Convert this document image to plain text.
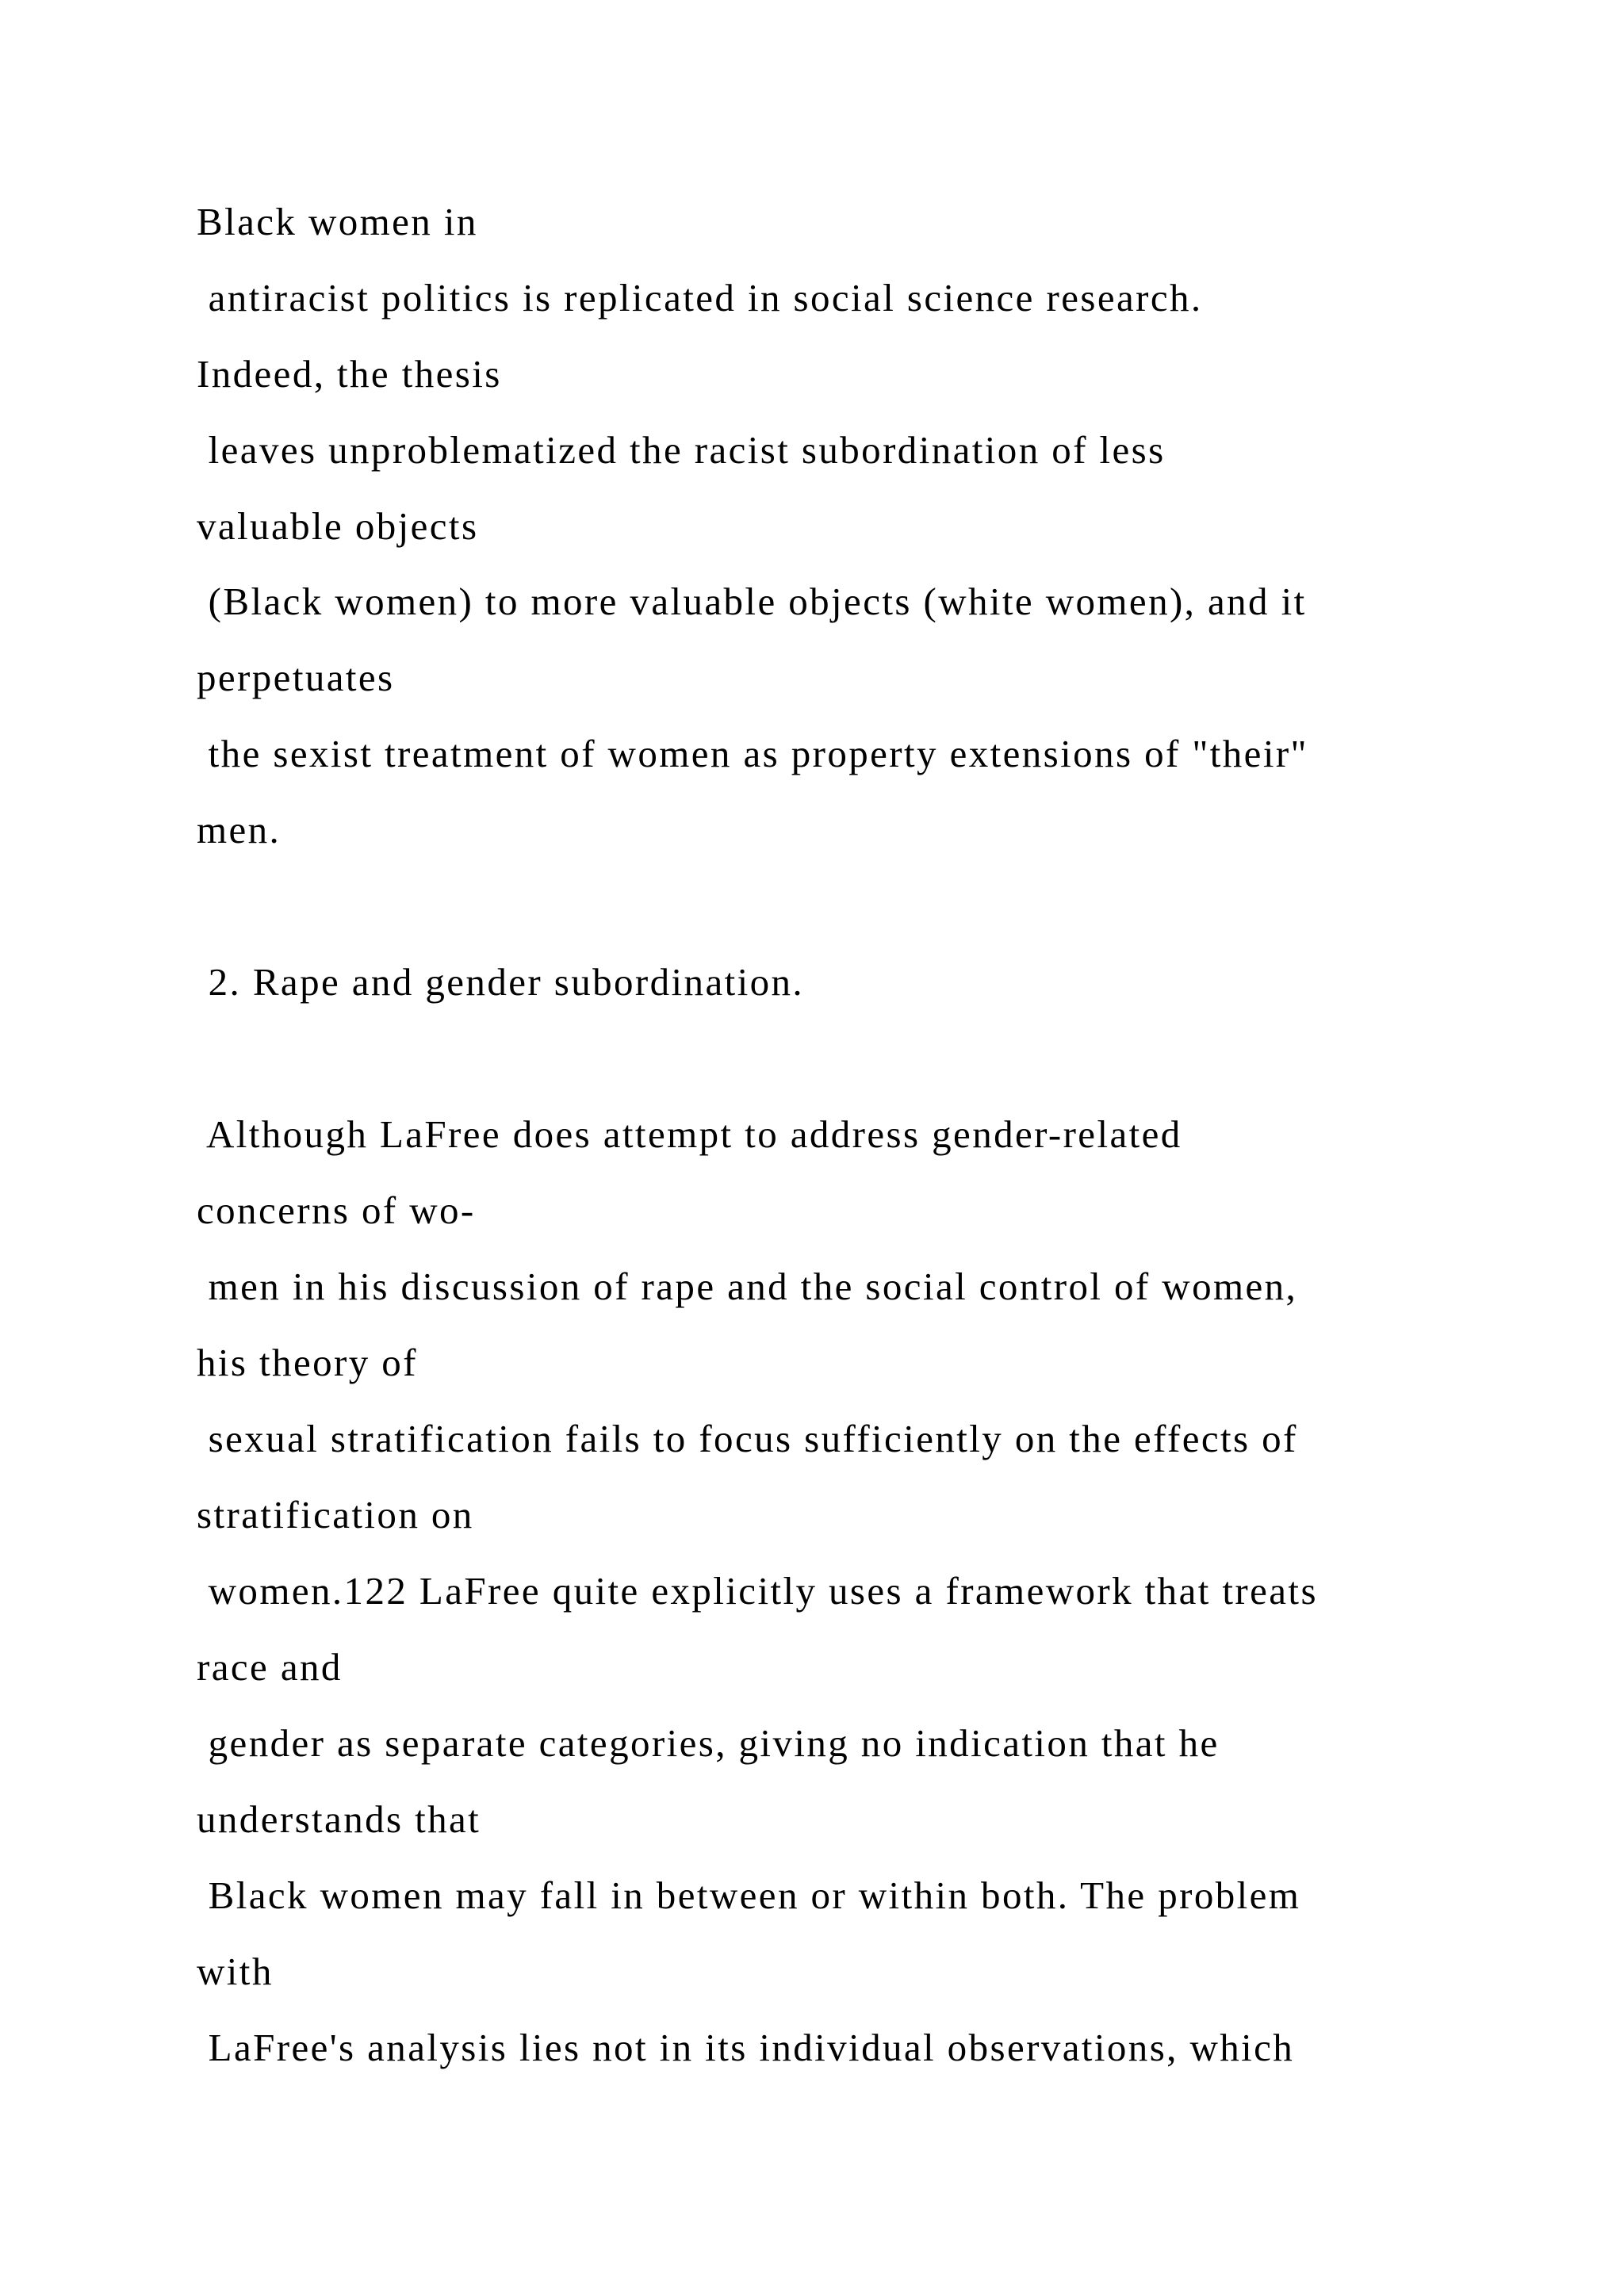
Black women in

antiracist politics is replicated in social science research.

Indeed, the thesis

leaves unproblematized the racist subordination of less

valuable objects

(Black women) to more valuable objects (white women), and it

perpetuates

the sexist treatment of women as property extensions of "their"

men.

2. Rape and gender subordination.

Although LaFree does attempt to address gender-related

concerns of wo-

men in his discussion of rape and the social control of women,

his theory of

sexual stratification fails to focus sufficiently on the effects of

stratification on

women.122 LaFree quite explicitly uses a framework that treats

race and

gender as separate categories, giving no indication that he

understands that

Black women may fall in between or within both. The problem

with

LaFree's analysis lies not in its individual observations, which
